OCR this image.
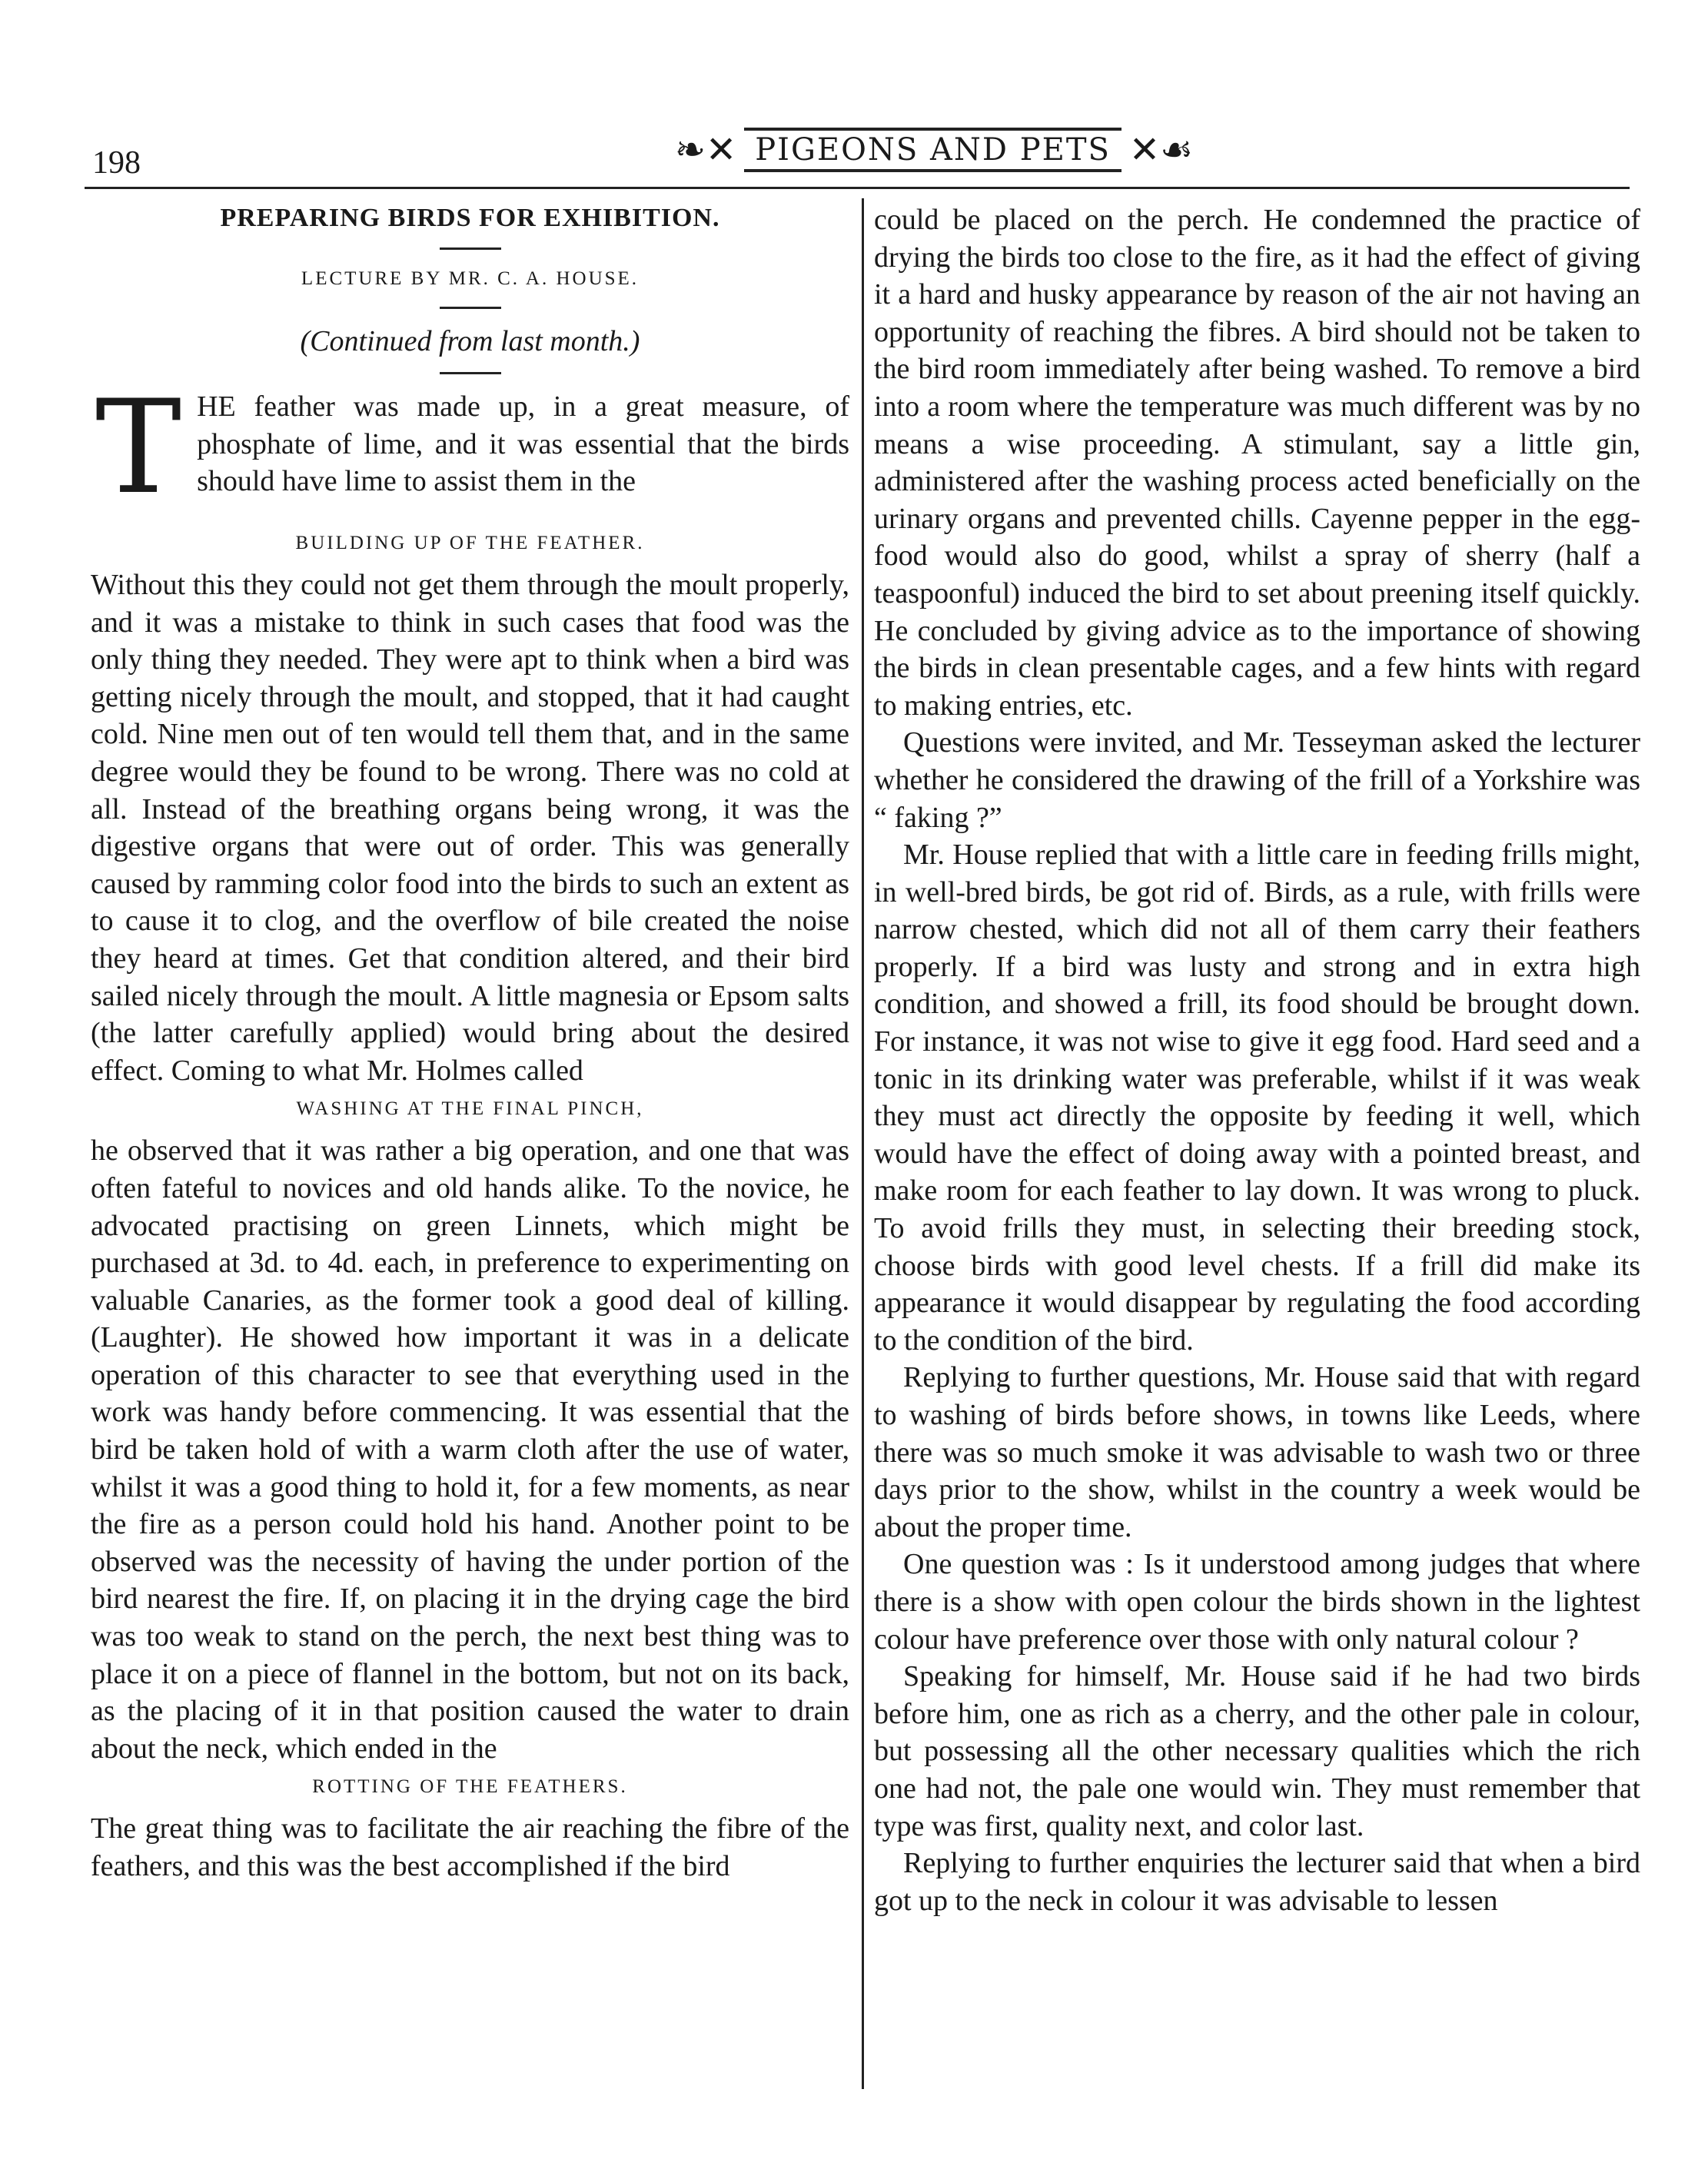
198	❧✕ PIGEONS AND PETS ✕☙

PREPARING BIRDS FOR EXHIBITION.

LECTURE BY MR. C. A. HOUSE.

(Continued from last month.)

THE feather was made up, in a great measure, of phosphate of lime, and it was essential that the birds should have lime to assist them in the

BUILDING UP OF THE FEATHER.

Without this they could not get them through the moult properly, and it was a mistake to think in such cases that food was the only thing they needed. They were apt to think when a bird was getting nicely through the moult, and stopped, that it had caught cold. Nine men out of ten would tell them that, and in the same degree would they be found to be wrong. There was no cold at all. Instead of the breathing organs being wrong, it was the digestive organs that were out of order. This was generally caused by ramming color food into the birds to such an extent as to cause it to clog, and the overflow of bile created the noise they heard at times. Get that condition altered, and their bird sailed nicely through the moult. A little magnesia or Epsom salts (the latter carefully applied) would bring about the desired effect. Coming to what Mr. Holmes called

WASHING AT THE FINAL PINCH,

he observed that it was rather a big operation, and one that was often fateful to novices and old hands alike. To the novice, he advocated practising on green Linnets, which might be purchased at 3d. to 4d. each, in preference to experimenting on valuable Canaries, as the former took a good deal of killing. (Laughter). He showed how important it was in a delicate operation of this character to see that everything used in the work was handy before commencing. It was essential that the bird be taken hold of with a warm cloth after the use of water, whilst it was a good thing to hold it, for a few moments, as near the fire as a person could hold his hand. Another point to be observed was the necessity of having the under portion of the bird nearest the fire. If, on placing it in the drying cage the bird was too weak to stand on the perch, the next best thing was to place it on a piece of flannel in the bottom, but not on its back, as the placing of it in that position caused the water to drain about the neck, which ended in the

ROTTING OF THE FEATHERS.

The great thing was to facilitate the air reaching the fibre of the feathers, and this was the best accomplished if the bird

could be placed on the perch. He condemned the practice of drying the birds too close to the fire, as it had the effect of giving it a hard and husky appearance by reason of the air not having an opportunity of reaching the fibres. A bird should not be taken to the bird room immediately after being washed. To remove a bird into a room where the temperature was much different was by no means a wise proceeding. A stimulant, say a little gin, administered after the washing process acted beneficially on the urinary organs and prevented chills. Cayenne pepper in the egg-food would also do good, whilst a spray of sherry (half a teaspoonful) induced the bird to set about preening itself quickly. He concluded by giving advice as to the importance of showing the birds in clean presentable cages, and a few hints with regard to making entries, etc.

Questions were invited, and Mr. Tesseyman asked the lecturer whether he considered the drawing of the frill of a Yorkshire was “ faking ?”

Mr. House replied that with a little care in feeding frills might, in well-bred birds, be got rid of. Birds, as a rule, with frills were narrow chested, which did not all of them carry their feathers properly. If a bird was lusty and strong and in extra high condition, and showed a frill, its food should be brought down. For instance, it was not wise to give it egg food. Hard seed and a tonic in its drinking water was preferable, whilst if it was weak they must act directly the opposite by feeding it well, which would have the effect of doing away with a pointed breast, and make room for each feather to lay down. It was wrong to pluck. To avoid frills they must, in selecting their breeding stock, choose birds with good level chests. If a frill did make its appearance it would disappear by regulating the food according to the condition of the bird.

Replying to further questions, Mr. House said that with regard to washing of birds before shows, in towns like Leeds, where there was so much smoke it was advisable to wash two or three days prior to the show, whilst in the country a week would be about the proper time.

One question was : Is it understood among judges that where there is a show with open colour the birds shown in the lightest colour have preference over those with only natural colour ?

Speaking for himself, Mr. House said if he had two birds before him, one as rich as a cherry, and the other pale in colour, but possessing all the other necessary qualities which the rich one had not, the pale one would win. They must remember that type was first, quality next, and color last.

Replying to further enquiries the lecturer said that when a bird got up to the neck in colour it was advisable to lessen
